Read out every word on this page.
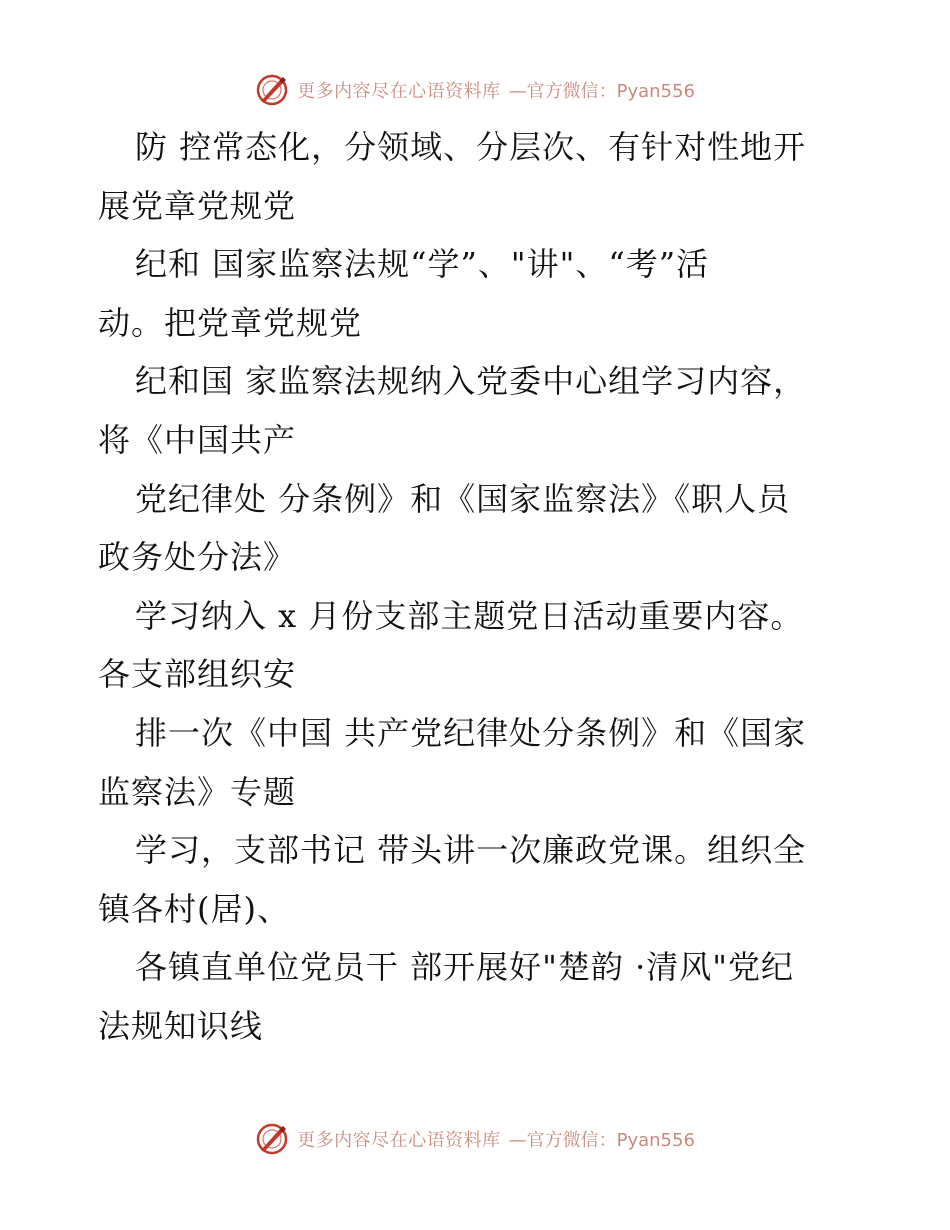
更多内容尽在心语资料库 —官方微信：Pyan556
防 控常态化，分领域、分层次、有针对性地开
展党章党规党
纪和 国家监察法规“学”、"讲"、“考”活
动。把党章党规党
纪和国 家监察法规纳入党委中心组学习内容，
将《中国共产
党纪律处 分条例》和《国家监察法》《职人员
政务处分法》
学习纳入 x 月份支部主题党日活动重要内容。
各支部组织安
排一次《中国 共产党纪律处分条例》和《国家
监察法》专题
学习，支部书记 带头讲一次廉政党课。组织全
镇各村(居)、
各镇直单位党员干 部开展好"楚韵 ·清风"党纪
法规知识线
更多内容尽在心语资料库 —官方微信：Pyan556
